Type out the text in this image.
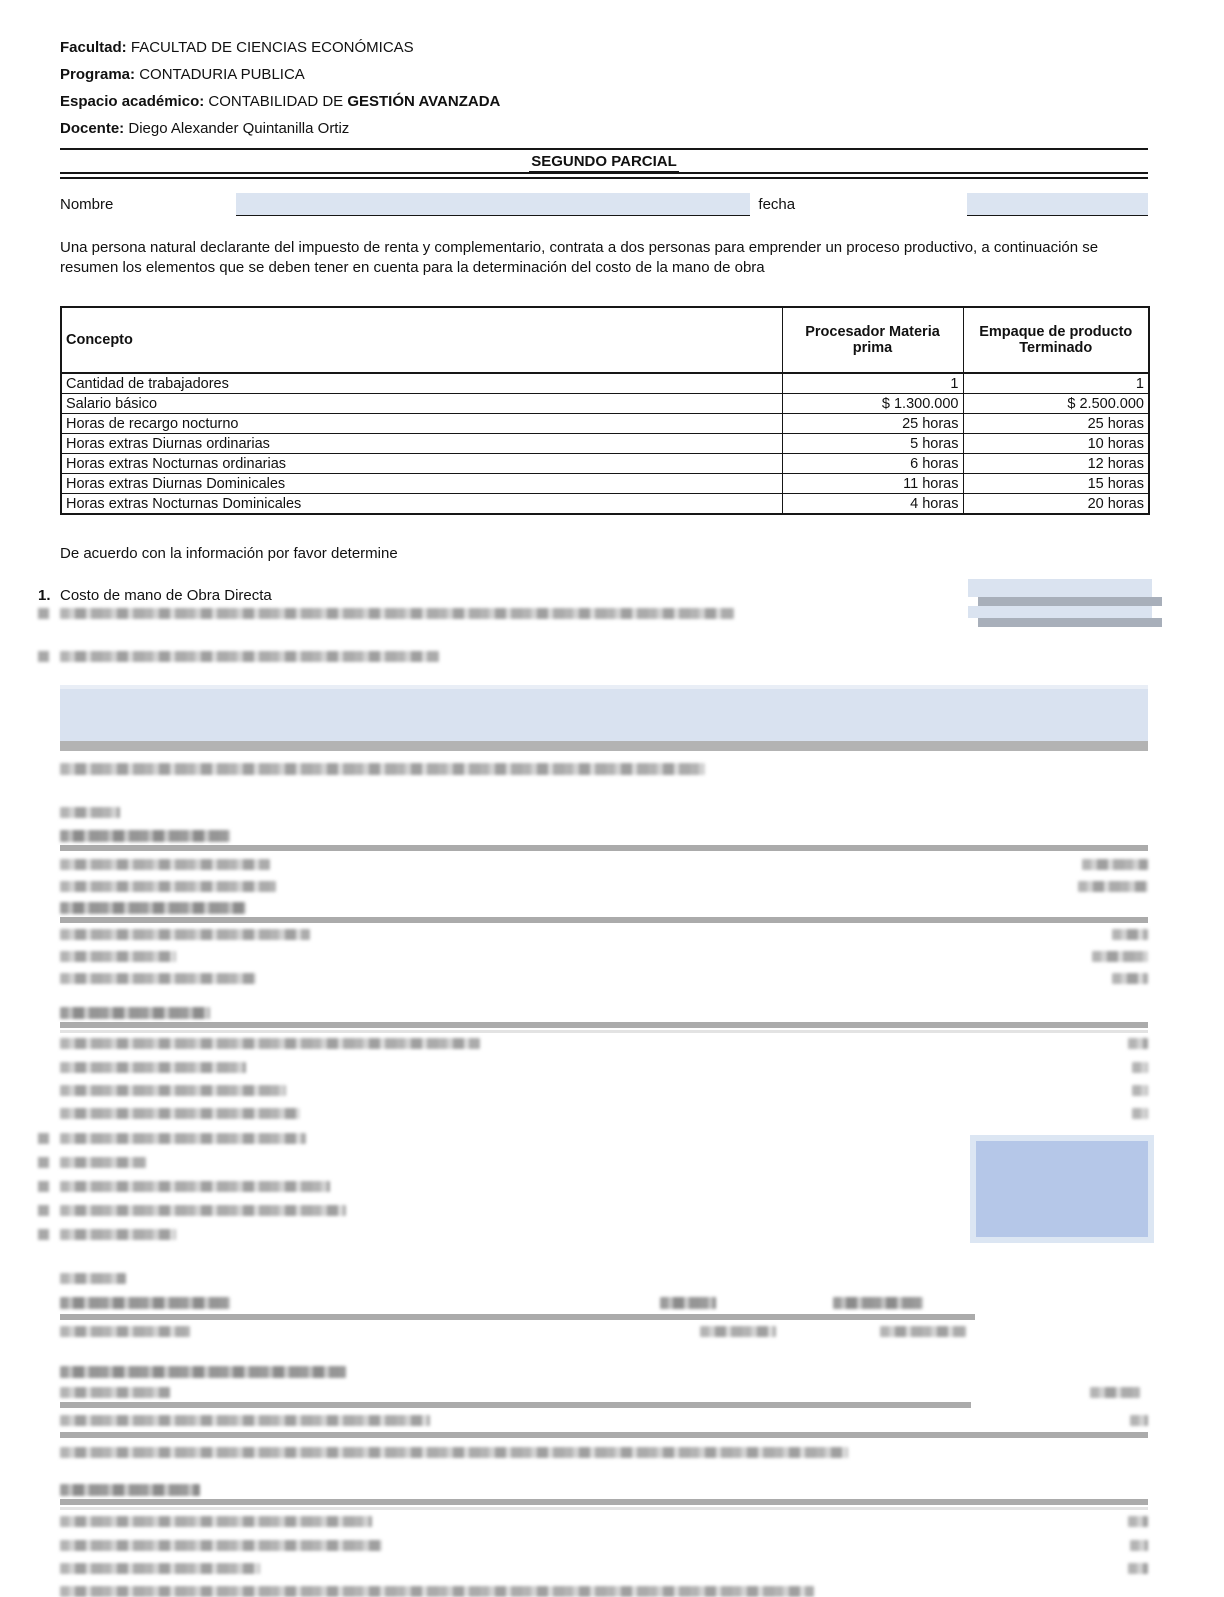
Facultad: FACULTAD DE CIENCIAS ECONÓMICAS
Programa: CONTADURIA PUBLICA
Espacio académico: CONTABILIDAD DE GESTIÓN AVANZADA
Docente: Diego Alexander Quintanilla Ortiz
SEGUNDO PARCIAL
Nombre	fecha

Una persona natural declarante del impuesto de renta y complementario, contrata a dos personas para emprender un proceso productivo, a continuación se resumen los elementos que se deben tener en cuenta para la determinación del costo de la mano de obra

Concepto	Procesador Materia prima	Empaque de producto Terminado
Cantidad de trabajadores	1	1
Salario básico	$ 1.300.000	$ 2.500.000
Horas de recargo nocturno	25 horas	25 horas
Horas extras Diurnas ordinarias	5 horas	10 horas
Horas extras Nocturnas ordinarias	6 horas	12 horas
Horas extras Diurnas Dominicales	11 horas	15 horas
Horas extras Nocturnas Dominicales	4 horas	20 horas

De acuerdo con la información por favor determine

1. Costo de mano de Obra Directa
